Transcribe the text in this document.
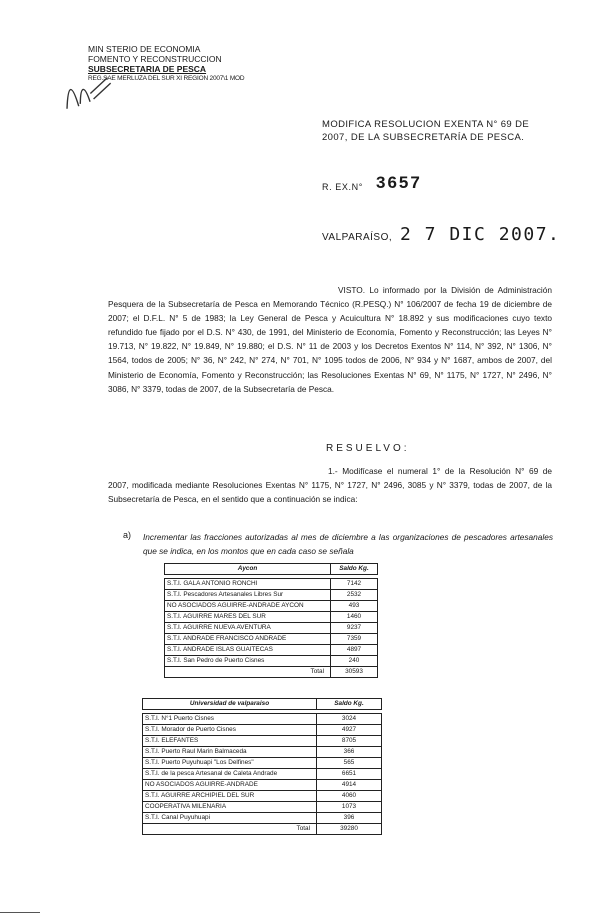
MIN STERIO DE ECONOMIA
FOMENTO Y RECONSTRUCCION
SUBSECRETARIA DE PESCA
REG.SAE MERLUZA DEL SUR XI REGION 2007\1 MOD
MODIFICA RESOLUCION EXENTA N° 69 DE 2007, DE LA SUBSECRETARÍA DE PESCA.
R. EX.N° 3657
VALPARAÍSO, 2 7 DIC 2007.
VISTO. Lo informado por la División de Administración Pesquera de la Subsecretaría de Pesca en Memorando Técnico (R.PESQ.) N° 106/2007 de fecha 19 de diciembre de 2007; el D.F.L. N° 5 de 1983; la Ley General de Pesca y Acuicultura N° 18.892 y sus modificaciones cuyo texto refundido fue fijado por el D.S. N° 430, de 1991, del Ministerio de Economía, Fomento y Reconstrucción; las Leyes N° 19.713, N° 19.822, N° 19.849, N° 19.880; el D.S. N° 11 de 2003 y los Decretos Exentos N° 114, N° 392, N° 1306, N° 1564, todos de 2005; N° 36, N° 242, N° 274, N° 701, N° 1095 todos de 2006, N° 934 y N° 1687, ambos de 2007, del Ministerio de Economía, Fomento y Reconstrucción; las Resoluciones Exentas N° 69, N° 1175, N° 1727, N° 2496, N° 3086, N° 3379, todas de 2007, de la Subsecretaría de Pesca.
RESUELVO:
1.- Modifícase el numeral 1° de la Resolución N° 69 de 2007, modificada mediante Resoluciones Exentas N° 1175, N° 1727, N° 2496, 3085 y N° 3379, todas de 2007, de la Subsecretaría de Pesca, en el sentido que a continuación se indica:
a) Incrementar las fracciones autorizadas al mes de diciembre a las organizaciones de pescadores artesanales que se indica, en los montos que en cada caso se señala
Aycon	Saldo Kg.

S.T.I. GALA ANTONIO RONCHI	7142
S.T.I. Pescadores Artesanales Libres Sur	2532
NO ASOCIADOS AGUIRRE-ANDRADE AYCON	493
S.T.I. AGUIRRE MARES DEL SUR	1460
S.T.I. AGUIRRE NUEVA AVENTURA	9237
S.T.I. ANDRADE FRANCISCO ANDRADE	7359
S.T.I. ANDRADE ISLAS GUAITECAS	4897
S.T.I. San Pedro de Puerto Cisnes	240
Total	30593
Universidad de valparaiso	Saldo Kg.

S.T.I. N°1 Puerto Cisnes	3024
S.T.I. Morador de Puerto Cisnes	4927
S.T.I. ELEFANTES	8705
S.T.I. Puerto Raul Marin Balmaceda	366
S.T.I. Puerto Puyuhuapi "Los Delfines"	565
S.T.I. de la pesca Artesanal de Caleta Andrade	6651
NO ASOCIADOS AGUIRRE-ANDRADE	4914
S.T.I. AGUIRRE ARCHIPIEL DEL SUR	4060
COOPERATIVA MILENARIA	1073
S.T.I. Canal Puyuhuapi	396
Total	39280
